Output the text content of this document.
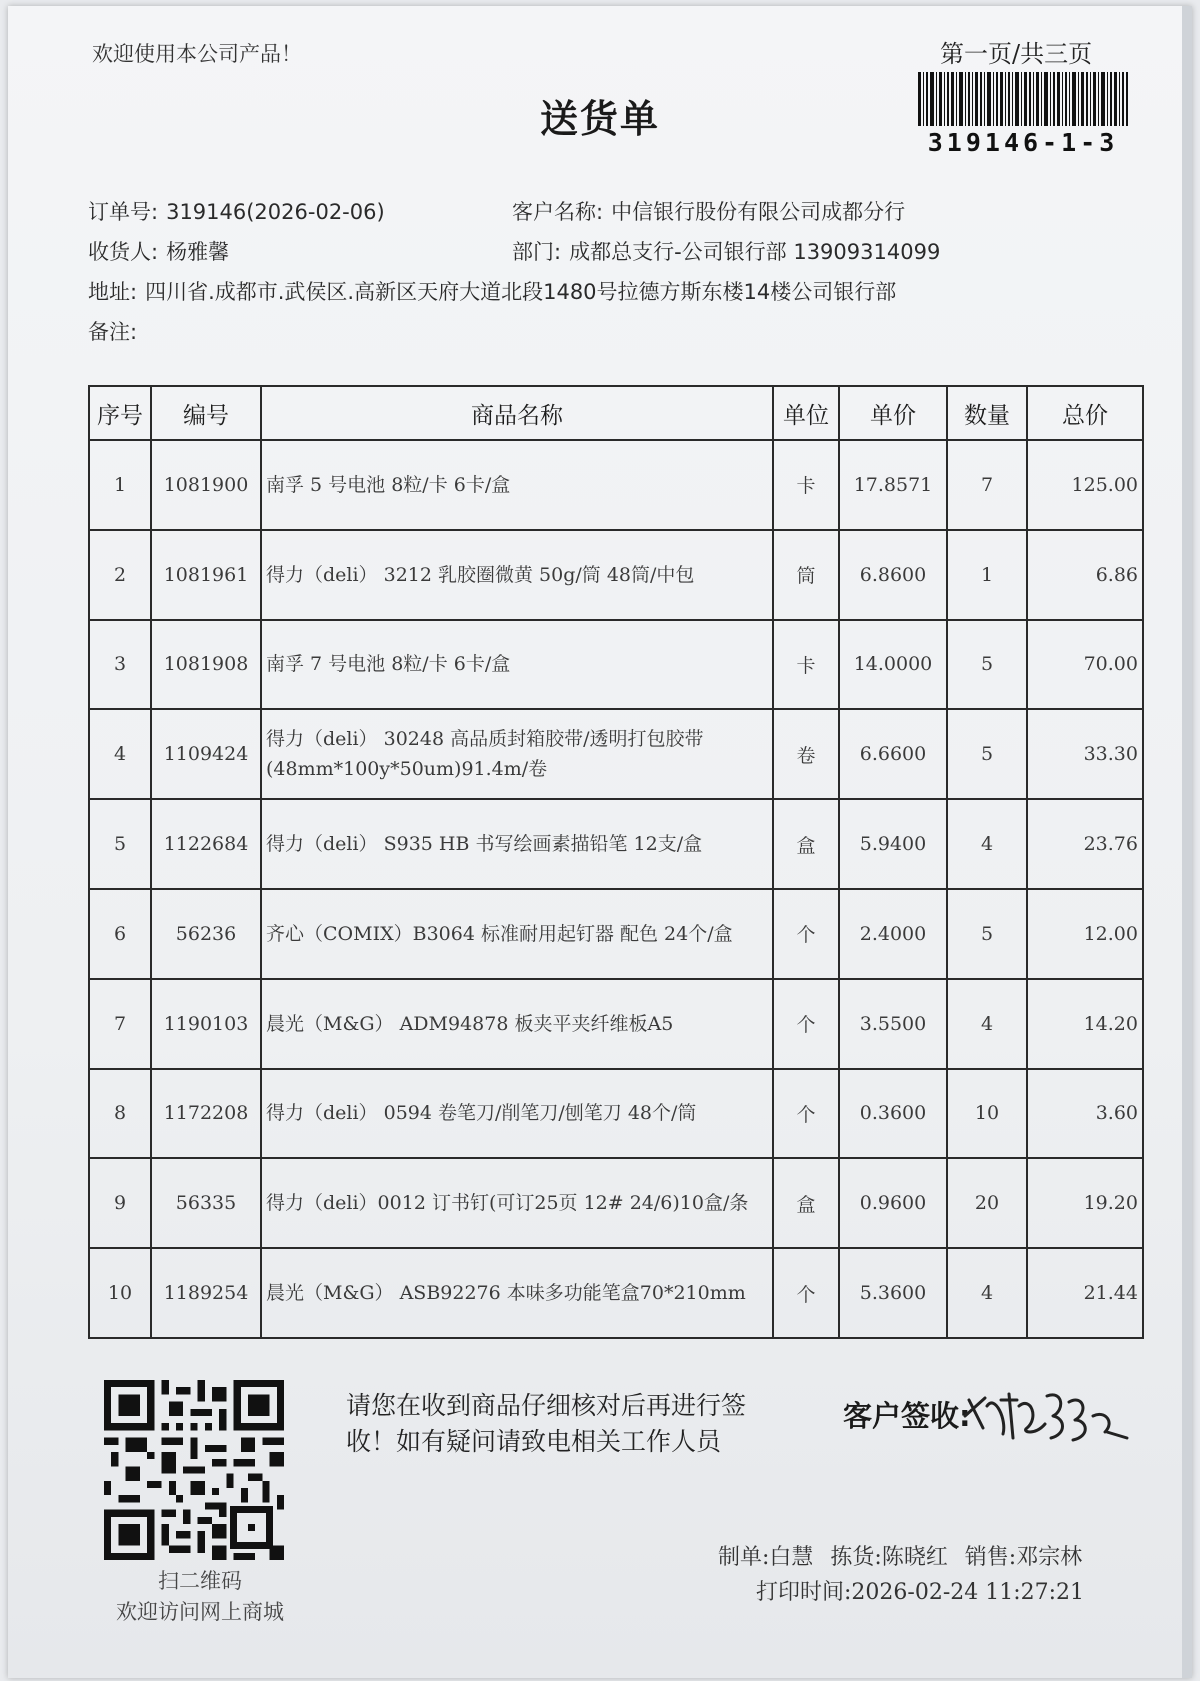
欢迎使用本公司产品！	第一页/共三页
送货单
319146-1-3
订单号: 319146(2026-02-06)	客户名称: 中信银行股份有限公司成都分行
收货人: 杨雅馨	部门: 成都总支行-公司银行部 13909314099
地址: 四川省.成都市.武侯区.高新区天府大道北段1480号拉德方斯东楼14楼公司银行部
备注:
序号	编号	商品名称	单位	单价	数量	总价
1	1081900	南孚 5 号电池 8粒/卡 6卡/盒	卡	17.8571	7	125.00
2	1081961	得力（deli） 3212 乳胶圈微黄 50g/筒 48筒/中包	筒	6.8600	1	6.86
3	1081908	南孚 7 号电池 8粒/卡 6卡/盒	卡	14.0000	5	70.00
4	1109424	得力（deli） 30248 高品质封箱胶带/透明打包胶带(48mm*100y*50um)91.4m/卷	卷	6.6600	5	33.30
5	1122684	得力（deli） S935 HB 书写绘画素描铅笔 12支/盒	盒	5.9400	4	23.76
6	56236	齐心（COMIX）B3064 标准耐用起钉器 配色 24个/盒	个	2.4000	5	12.00
7	1190103	晨光（M&G） ADM94878 板夹平夹纤维板A5	个	3.5500	4	14.20
8	1172208	得力（deli） 0594 卷笔刀/削笔刀/刨笔刀 48个/筒	个	0.3600	10	3.60
9	56335	得力（deli）0012 订书钉(可订25页 12# 24/6)10盒/条	盒	0.9600	20	19.20
10	1189254	晨光（M&G） ASB92276 本味多功能笔盒70*210mm	个	5.3600	4	21.44
扫二维码
欢迎访问网上商城
请您在收到商品仔细核对后再进行签收！如有疑问请致电相关工作人员
客户签收:
制单:白慧 拣货:陈晓红 销售:邓宗林
打印时间:2026-02-24 11:27:21
